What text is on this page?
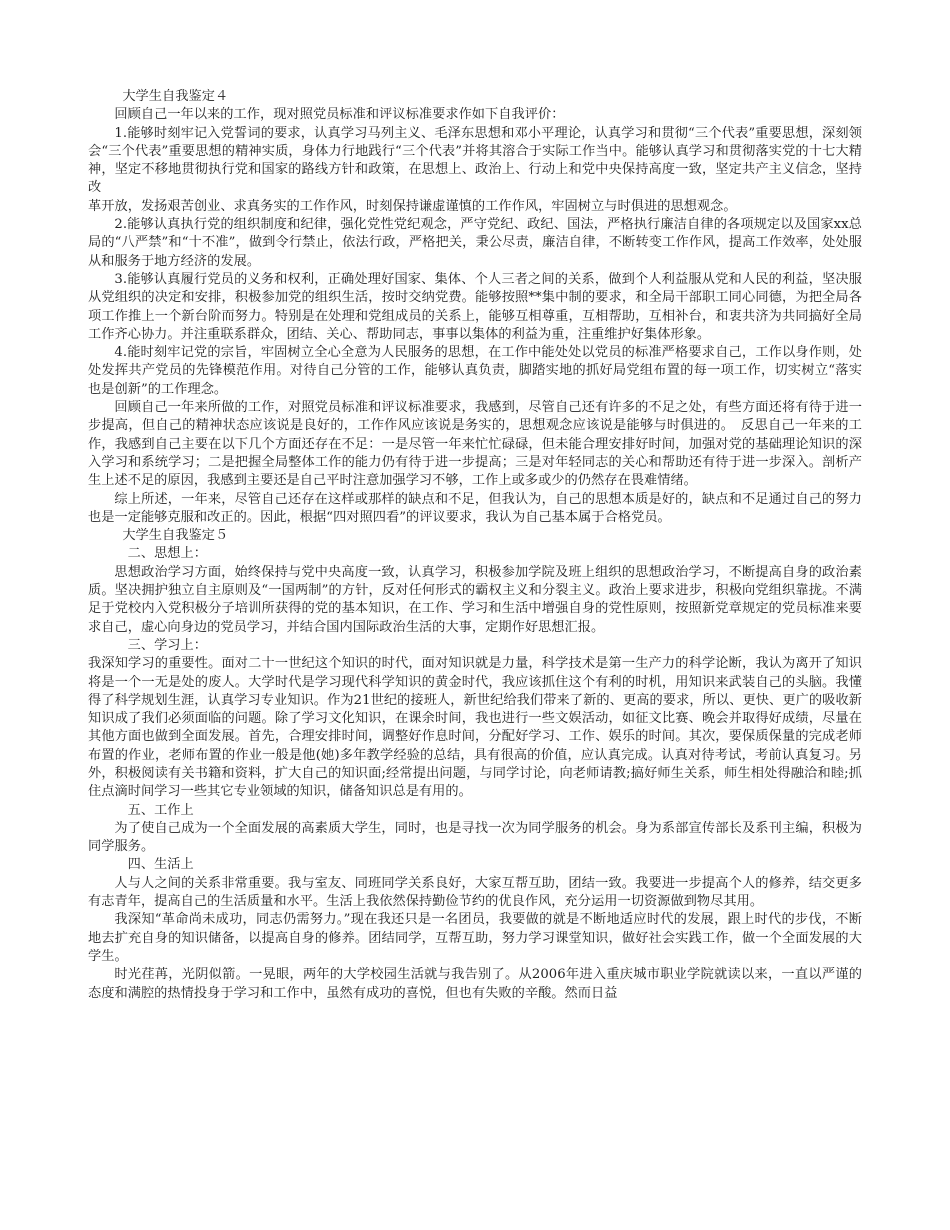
大学生自我鉴定４

回顾自己一年以来的工作，现对照党员标准和评议标准要求作如下自我评价：

1.能够时刻牢记入党誓词的要求，认真学习马列主义、毛泽东思想和邓小平理论，认真学习和贯彻“三个代表”重要思想，深刻领会“三个代表”重要思想的精神实质，身体力行地践行“三个代表”并将其溶合于实际工作当中。能够认真学习和贯彻落实党的十七大精神，坚定不移地贯彻执行党和国家的路线方针和政策，在思想上、政治上、行动上和党中央保持高度一致，坚定共产主义信念，坚持改

革开放，发扬艰苦创业、求真务实的工作作风，时刻保持谦虚谨慎的工作作风，牢固树立与时俱进的思想观念。

2.能够认真执行党的组织制度和纪律，强化党性党纪观念，严守党纪、政纪、国法，严格执行廉洁自律的各项规定以及国家xx总局的“八严禁”和“十不准”，做到令行禁止，依法行政，严格把关，秉公尽责，廉洁自律，不断转变工作作风，提高工作效率，处处服从和服务于地方经济的发展。

3.能够认真履行党员的义务和权利，正确处理好国家、集体、个人三者之间的关系，做到个人利益服从党和人民的利益，坚决服从党组织的决定和安排，积极参加党的组织生活，按时交纳党费。能够按照**集中制的要求，和全局干部职工同心同德，为把全局各项工作推上一个新台阶而努力。特别是在处理和党组成员的关系上，能够互相尊重，互相帮助，互相补台，和衷共济为共同搞好全局工作齐心协力。并注重联系群众，团结、关心、帮助同志，事事以集体的利益为重，注重维护好集体形象。

4.能时刻牢记党的宗旨，牢固树立全心全意为人民服务的思想，在工作中能处处以党员的标准严格要求自己，工作以身作则，处处发挥共产党员的先锋模范作用。对待自己分管的工作，能够认真负责，脚踏实地的抓好局党组布置的每一项工作，切实树立“落实也是创新”的工作理念。

回顾自己一年来所做的工作，对照党员标准和评议标准要求，我感到，尽管自己还有许多的不足之处，有些方面还将有待于进一步提高，但自己的精神状态应该说是良好的，工作作风应该说是务实的，思想观念应该说是能够与时俱进的。　反思自己一年来的工作，我感到自己主要在以下几个方面还存在不足：一是尽管一年来忙忙碌碌，但未能合理安排好时间，加强对党的基础理论知识的深入学习和系统学习；二是把握全局整体工作的能力仍有待于进一步提高；三是对年轻同志的关心和帮助还有待于进一步深入。剖析产生上述不足的原因，我感到主要还是自己平时注意加强学习不够，工作上或多或少的仍然存在畏难情绪。

综上所述，一年来，尽管自己还存在这样或那样的缺点和不足，但我认为，自己的思想本质是好的，缺点和不足通过自己的努力也是一定能够克服和改正的。因此，根据“四对照四看”的评议要求，我认为自己基本属于合格党员。

大学生自我鉴定５

二、思想上：

思想政治学习方面，始终保持与党中央高度一致，认真学习，积极参加学院及班上组织的思想政治学习，不断提高自身的政治素质。坚决拥护独立自主原则及“一国两制”的方针，反对任何形式的霸权主义和分裂主义。政治上要求进步，积极向党组织靠拢。不满足于党校内入党积极分子培训所获得的党的基本知识，在工作、学习和生活中增强自身的党性原则，按照新党章规定的党员标准来要求自己，虚心向身边的党员学习，并结合国内国际政治生活的大事，定期作好思想汇报。

三、学习上：

我深知学习的重要性。面对二十一世纪这个知识的时代，面对知识就是力量，科学技术是第一生产力的科学论断，我认为离开了知识将是一个一无是处的废人。大学时代是学习现代科学知识的黄金时代，我应该抓住这个有利的时机，用知识来武装自己的头脑。我懂得了科学规划生涯，认真学习专业知识。作为21世纪的接班人，新世纪给我们带来了新的、更高的要求，所以、更快、更广的吸收新知识成了我们必须面临的问题。除了学习文化知识，在课余时间，我也进行一些文娱活动，如征文比赛、晚会并取得好成绩，尽量在其他方面也做到全面发展。首先，合理安排时间，调整好作息时间，分配好学习、工作、娱乐的时间。其次，要保质保量的完成老师布置的作业，老师布置的作业一般是他(她)多年教学经验的总结，具有很高的价值，应认真完成。认真对待考试，考前认真复习。另外，积极阅读有关书籍和资料，扩大自己的知识面;经常提出问题，与同学讨论，向老师请教;搞好师生关系，师生相处得融洽和睦;抓住点滴时间学习一些其它专业领域的知识，储备知识总是有用的。

五、工作上

为了使自己成为一个全面发展的高素质大学生，同时，也是寻找一次为同学服务的机会。身为系部宣传部长及系刊主编，积极为同学服务。

四、生活上

人与人之间的关系非常重要。我与室友、同班同学关系良好，大家互帮互助，团结一致。我要进一步提高个人的修养，结交更多有志青年，提高自己的生活质量和水平。生活上我依然保持勤俭节约的优良作风，充分运用一切资源做到物尽其用。

我深知“革命尚未成功，同志仍需努力。”现在我还只是一名团员，我要做的就是不断地适应时代的发展，跟上时代的步伐，不断地去扩充自身的知识储备，以提高自身的修养。团结同学，互帮互助，努力学习课堂知识，做好社会实践工作，做一个全面发展的大学生。

时光荏苒，光阴似箭。一晃眼，两年的大学校园生活就与我告别了。从2006年进入重庆城市职业学院就读以来，一直以严谨的态度和满腔的热情投身于学习和工作中，虽然有成功的喜悦，但也有失败的辛酸。然而日益
